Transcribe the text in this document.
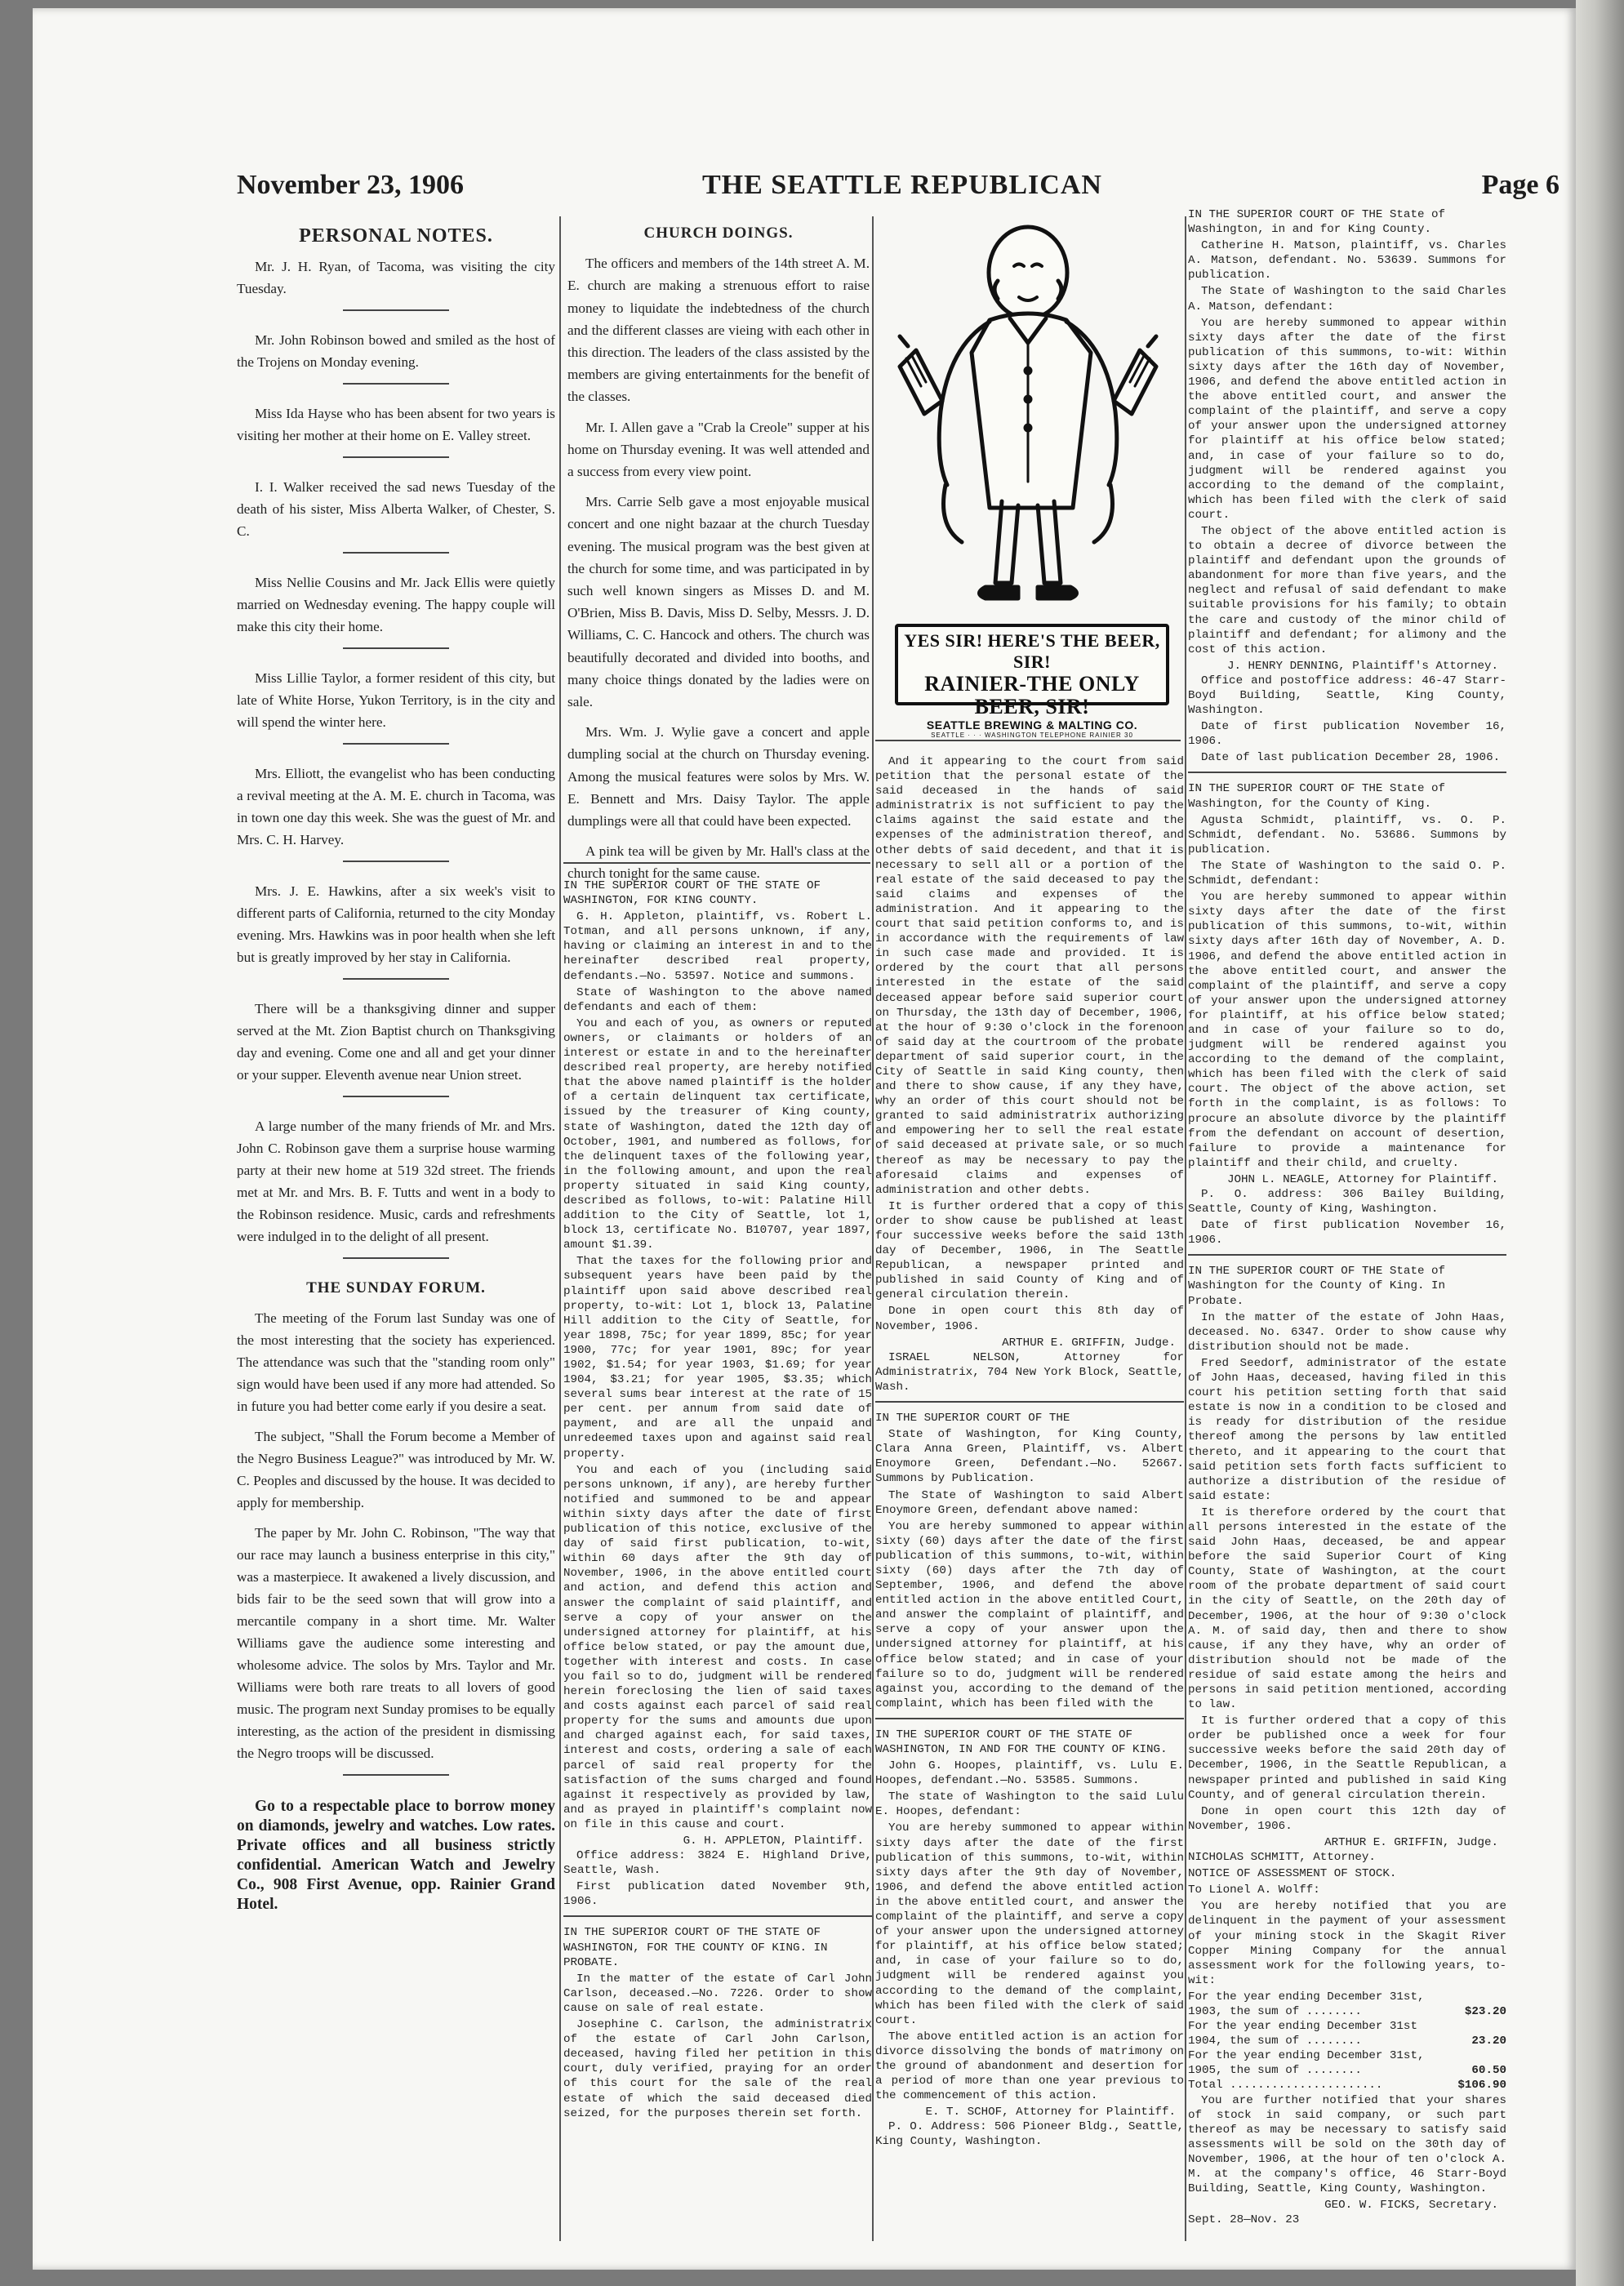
November 23, 1906	THE SEATTLE REPUBLICAN	Page 6
PERSONAL NOTES.

Mr. J. H. Ryan, of Tacoma, was visiting the city Tuesday.

Mr. John Robinson bowed and smiled as the host of the Trojens on Monday evening.

Miss Ida Hayse who has been absent for two years is visiting her mother at their home on E. Valley street.

I. I. Walker received the sad news Tuesday of the death of his sister, Miss Alberta Walker, of Chester, S. C.

Miss Nellie Cousins and Mr. Jack Ellis were quietly married on Wednesday evening. The happy couple will make this city their home.

Miss Lillie Taylor, a former resident of this city, but late of White Horse, Yukon Territory, is in the city and will spend the winter here.

Mrs. Elliott, the evangelist who has been conducting a revival meeting at the A. M. E. church in Tacoma, was in town one day this week. She was the guest of Mr. and Mrs. C. H. Harvey.

Mrs. J. E. Hawkins, after a six week's visit to different parts of California, returned to the city Monday evening. Mrs. Hawkins was in poor health when she left but is greatly improved by her stay in California.

There will be a thanksgiving dinner and supper served at the Mt. Zion Baptist church on Thanksgiving day and evening. Come one and all and get your dinner or your supper. Eleventh avenue near Union street.

A large number of the many friends of Mr. and Mrs. John C. Robinson gave them a surprise house warming party at their new home at 519 32d street. The friends met at Mr. and Mrs. B. F. Tutts and went in a body to the Robinson residence. Music, cards and refreshments were indulged in to the delight of all present.

THE SUNDAY FORUM.

The meeting of the Forum last Sunday was one of the most interesting that the society has experienced. The attendance was such that the "standing room only" sign would have been used if any more had attended. So in future you had better come early if you desire a seat.

The subject, "Shall the Forum become a Member of the Negro Business League?" was introduced by Mr. W. C. Peoples and discussed by the house. It was decided to apply for membership.

The paper by Mr. John C. Robinson, "The way that our race may launch a business enterprise in this city," was a masterpiece. It awakened a lively discussion, and bids fair to be the seed sown that will grow into a mercantile company in a short time. Mr. Walter Williams gave the audience some interesting and wholesome advice. The solos by Mrs. Taylor and Mr. Williams were both rare treats to all lovers of good music. The program next Sunday promises to be equally interesting, as the action of the president in dismissing the Negro troops will be discussed.

Go to a respectable place to borrow money on diamonds, jewelry and watches. Low rates. Private offices and all business strictly confidential. American Watch and Jewelry Co., 908 First Avenue, opp. Rainier Grand Hotel.
CHURCH DOINGS.

The officers and members of the 14th street A. M. E. church are making a strenuous effort to raise money to liquidate the indebtedness of the church and the different classes are vieing with each other in this direction. The leaders of the class assisted by the members are giving entertainments for the benefit of the classes.

Mr. I. Allen gave a "Crab la Creole" supper at his home on Thursday evening. It was well attended and a success from every view point.

Mrs. Carrie Selb gave a most enjoyable musical concert and one night bazaar at the church Tuesday evening. The musical program was the best given at the church for some time, and was participated in by such well known singers as Misses D. and M. O'Brien, Miss B. Davis, Miss D. Selby, Messrs. J. D. Williams, C. C. Hancock and others. The church was beautifully decorated and divided into booths, and many choice things donated by the ladies were on sale.

Mrs. Wm. J. Wylie gave a concert and apple dumpling social at the church on Thursday evening. Among the musical features were solos by Mrs. W. E. Bennett and Mrs. Daisy Taylor. The apple dumplings were all that could have been expected.

A pink tea will be given by Mr. Hall's class at the church tonight for the same cause.

IN THE SUPERIOR COURT OF THE STATE OF WASHINGTON, FOR KING COUNTY.

G. H. Appleton, plaintiff, vs. Robert L. Totman, and all persons unknown, if any, having or claiming an interest in and to the hereinafter described real property, defendants.—No. 53597. Notice and summons.

State of Washington to the above named defendants and each of them:

You and each of you, as owners or reputed owners, or claimants or holders of an interest or estate in and to the hereinafter described real property, are hereby notified that the above named plaintiff is the holder of a certain delinquent tax certificate, issued by the treasurer of King county, state of Washington, dated the 12th day of October, 1901, and numbered as follows, for the delinquent taxes of the following year, in the following amount, and upon the real property situated in said King county, described as follows, to-wit: Palatine Hill addition to the City of Seattle, lot 1, block 13, certificate No. B10707, year 1897, amount $1.39.

That the taxes for the following prior and subsequent years have been paid by the plaintiff upon said above described real property, to-wit: Lot 1, block 13, Palatine Hill addition to the City of Seattle, for year 1898, 75c; for year 1899, 85c; for year 1900, 77c; for year 1901, 89c; for year 1902, $1.54; for year 1903, $1.69; for year 1904, $3.21; for year 1905, $3.35; which several sums bear interest at the rate of 15 per cent. per annum from said date of payment, and are all the unpaid and unredeemed taxes upon and against said real property.

You and each of you (including said persons unknown, if any), are hereby further notified and summoned to be and appear within sixty days after the date of first publication of this notice, exclusive of the day of said first publication, to-wit, within 60 days after the 9th day of November, 1906, in the above entitled court and action, and defend this action and answer the complaint of said plaintiff, and serve a copy of your answer on the undersigned attorney for plaintiff, at his office below stated, or pay the amount due, together with interest and costs. In case you fail so to do, judgment will be rendered herein foreclosing the lien of said taxes and costs against each parcel of said real property for the sums and amounts due upon and charged against each, for said taxes, interest and costs, ordering a sale of each parcel of said real property for the satisfaction of the sums charged and found against it respectively as provided by law, and as prayed in plaintiff's complaint now on file in this cause and court.

G. H. APPLETON, Plaintiff.

Office address: 3824 E. Highland Drive, Seattle, Wash.

First publication dated November 9th, 1906.

IN THE SUPERIOR COURT OF THE STATE OF WASHINGTON, FOR THE COUNTY OF KING. IN PROBATE.

In the matter of the estate of Carl John Carlson, deceased.—No. 7226. Order to show cause on sale of real estate.

Josephine C. Carlson, the administratrix of the estate of Carl John Carlson, deceased, having filed her petition in this court, duly verified, praying for an order of this court for the sale of the real estate of which the said deceased died seized, for the purposes therein set forth.

YES SIR! HERE'S THE BEER, SIR!
RAINIER-THE ONLY BEER, SIR!
SEATTLE BREWING & MALTING CO.
SEATTLE · · · WASHINGTON TELEPHONE RAINIER 30

And it appearing to the court from said petition that the personal estate of the said deceased in the hands of said administratrix is not sufficient to pay the claims against the said estate and the expenses of the administration thereof, and other debts of said decedent, and that it is necessary to sell all or a portion of the real estate of the said deceased to pay the said claims and expenses of the administration. And it appearing to the court that said petition conforms to, and is in accordance with the requirements of law in such case made and provided. It is ordered by the court that all persons interested in the estate of the said deceased appear before said superior court on Thursday, the 13th day of December, 1906, at the hour of 9:30 o'clock in the forenoon of said day at the courtroom of the probate department of said superior court, in the City of Seattle in said King county, then and there to show cause, if any they have, why an order of this court should not be granted to said administratrix authorizing and empowering her to sell the real estate of said deceased at private sale, or so much thereof as may be necessary to pay the aforesaid claims and expenses of administration and other debts.

It is further ordered that a copy of this order to show cause be published at least four successive weeks before the said 13th day of December, 1906, in The Seattle Republican, a newspaper printed and published in said County of King and of general circulation therein.

Done in open court this 8th day of November, 1906.

ARTHUR E. GRIFFIN, Judge.

ISRAEL NELSON, Attorney for Administratrix, 704 New York Block, Seattle, Wash.

IN THE SUPERIOR COURT OF THE

State of Washington, for King County, Clara Anna Green, Plaintiff, vs. Albert Enoymore Green, Defendant.—No. 52667. Summons by Publication.

The State of Washington to said Albert Enoymore Green, defendant above named:

You are hereby summoned to appear within sixty (60) days after the date of the first publication of this summons, to-wit, within sixty (60) days after the 7th day of September, 1906, and defend the above entitled action in the above entitled Court, and answer the complaint of plaintiff, and serve a copy of your answer upon the undersigned attorney for plaintiff, at his office below stated; and in case of your failure so to do, judgment will be rendered against you, according to the demand of the complaint, which has been filed with the

IN THE SUPERIOR COURT OF THE STATE OF WASHINGTON, IN AND FOR THE COUNTY OF KING.

John G. Hoopes, plaintiff, vs. Lulu E. Hoopes, defendant.—No. 53585. Summons.

The state of Washington to the said Lulu E. Hoopes, defendant:

You are hereby summoned to appear within sixty days after the date of the first publication of this summons, to-wit, within sixty days after the 9th day of November, 1906, and defend the above entitled action in the above entitled court, and answer the complaint of the plaintiff, and serve a copy of your answer upon the undersigned attorney for plaintiff, at his office below stated; and, in case of your failure so to do, judgment will be rendered against you according to the demand of the complaint, which has been filed with the clerk of said court.

The above entitled action is an action for divorce dissolving the bonds of matrimony on the ground of abandonment and desertion for a period of more than one year previous to the commencement of this action.

E. T. SCHOF, Attorney for Plaintiff.

P. O. Address: 506 Pioneer Bldg., Seattle, King County, Washington.

IN THE SUPERIOR COURT OF THE State of Washington, in and for King County.

Catherine H. Matson, plaintiff, vs. Charles A. Matson, defendant. No. 53639. Summons for publication.

The State of Washington to the said Charles A. Matson, defendant:

You are hereby summoned to appear within sixty days after the date of the first publication of this summons, to-wit: Within sixty days after the 16th day of November, 1906, and defend the above entitled action in the above entitled court, and answer the complaint of the plaintiff, and serve a copy of your answer upon the undersigned attorney for plaintiff at his office below stated; and, in case of your failure so to do, judgment will be rendered against you according to the demand of the complaint, which has been filed with the clerk of said court.

The object of the above entitled action is to obtain a decree of divorce between the plaintiff and defendant upon the grounds of abandonment for more than five years, and the neglect and refusal of said defendant to make suitable provisions for his family; to obtain the care and custody of the minor child of plaintiff and defendant; for alimony and the cost of this action.

J. HENRY DENNING, Plaintiff's Attorney.

Office and postoffice address: 46-47 Starr-Boyd Building, Seattle, King County, Washington.

Date of first publication November 16, 1906.

Date of last publication December 28, 1906.

IN THE SUPERIOR COURT OF THE State of Washington, for the County of King.

Agusta Schmidt, plaintiff, vs. O. P. Schmidt, defendant. No. 53686. Summons by publication.

The State of Washington to the said O. P. Schmidt, defendant:

You are hereby summoned to appear within sixty days after the date of the first publication of this summons, to-wit, within sixty days after 16th day of November, A. D. 1906, and defend the above entitled action in the above entitled court, and answer the complaint of the plaintiff, and serve a copy of your answer upon the undersigned attorney for plaintiff, at his office below stated; and in case of your failure so to do, judgment will be rendered against you according to the demand of the complaint, which has been filed with the clerk of said court. The object of the above action, set forth in the complaint, is as follows: To procure an absolute divorce by the plaintiff from the defendant on account of desertion, failure to provide a maintenance for plaintiff and their child, and cruelty.

JOHN L. NEAGLE, Attorney for Plaintiff.

P. O. address: 306 Bailey Building, Seattle, County of King, Washington.

Date of first publication November 16, 1906.

IN THE SUPERIOR COURT OF THE State of Washington for the County of King. In Probate.

In the matter of the estate of John Haas, deceased. No. 6347. Order to show cause why distribution should not be made.

Fred Seedorf, administrator of the estate of John Haas, deceased, having filed in this court his petition setting forth that said estate is now in a condition to be closed and is ready for distribution of the residue thereof among the persons by law entitled thereto, and it appearing to the court that said petition sets forth facts sufficient to authorize a distribution of the residue of said estate:

It is therefore ordered by the court that all persons interested in the estate of the said John Haas, deceased, be and appear before the said Superior Court of King County, State of Washington, at the court room of the probate department of said court in the city of Seattle, on the 20th day of December, 1906, at the hour of 9:30 o'clock A. M. of said day, then and there to show cause, if any they have, why an order of distribution should not be made of the residue of said estate among the heirs and persons in said petition mentioned, according to law.

It is further ordered that a copy of this order be published once a week for four successive weeks before the said 20th day of December, 1906, in the Seattle Republican, a newspaper printed and published in said King County, and of general circulation therein.

Done in open court this 12th day of November, 1906.

ARTHUR E. GRIFFIN, Judge.

NICHOLAS SCHMITT, Attorney.

NOTICE OF ASSESSMENT OF STOCK.

To Lionel A. Wolff:

You are hereby notified that you are delinquent in the payment of your assessment of your mining stock in the Skagit River Copper Mining Company for the annual assessment work for the following years, to-wit:

For the year ending December 31st, 1903, the sum of ........	$23.20
For the year ending December 31st 1904, the sum of ........	23.20
For the year ending December 31st, 1905, the sum of ........	60.50
Total ......................	$106.90

You are further notified that your shares of stock in said company, or such part thereof as may be necessary to satisfy said assessments will be sold on the 30th day of November, 1906, at the hour of ten o'clock A. M. at the company's office, 46 Starr-Boyd Building, Seattle, King County, Washington.

GEO. W. FICKS, Secretary.

Sept. 28—Nov. 23
